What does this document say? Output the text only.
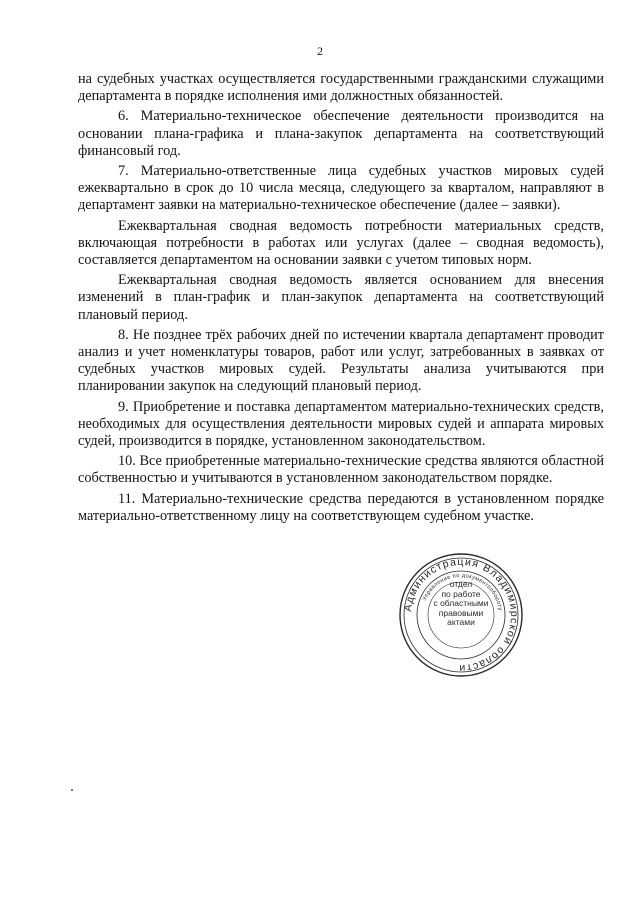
2

на судебных участках осуществляется государственными гражданскими служащими департамента в порядке исполнения ими должностных обязанностей.

6. Материально-техническое обеспечение деятельности производится на основании плана-графика и плана-закупок департамента на соответствующий финансовый год.

7. Материально-ответственные лица судебных участков мировых судей ежеквартально в срок до 10 числа месяца, следующего за кварталом, направляют в департамент заявки на материально-техническое обеспечение (далее – заявки).

Ежеквартальная сводная ведомость потребности материальных средств, включающая потребности в работах или услугах (далее – сводная ведомость), составляется департаментом на основании заявки с учетом типовых норм.

Ежеквартальная сводная ведомость является основанием для внесения изменений в план-график и план-закупок департамента на соответствующий плановый период.

8. Не позднее трёх рабочих дней по истечении квартала департамент проводит анализ и учет номенклатуры товаров, работ или услуг, затребованных в заявках от судебных участков мировых судей. Результаты анализа учитываются при планировании закупок на следующий плановый период.

9. Приобретение и поставка департаментом материально-технических средств, необходимых для осуществления деятельности мировых судей и аппарата мировых судей, производится в порядке, установленном законодательством.

10. Все приобретенные материально-технические средства являются областной собственностью и учитываются в установленном законодательством порядке.

11. Материально-технические средства передаются в установленном порядке материально-ответственному лицу на соответствующем судебном участке.

Администрация Владимирской области
Управление по документообороту
отдел
по работе
с областными
правовыми
актами
